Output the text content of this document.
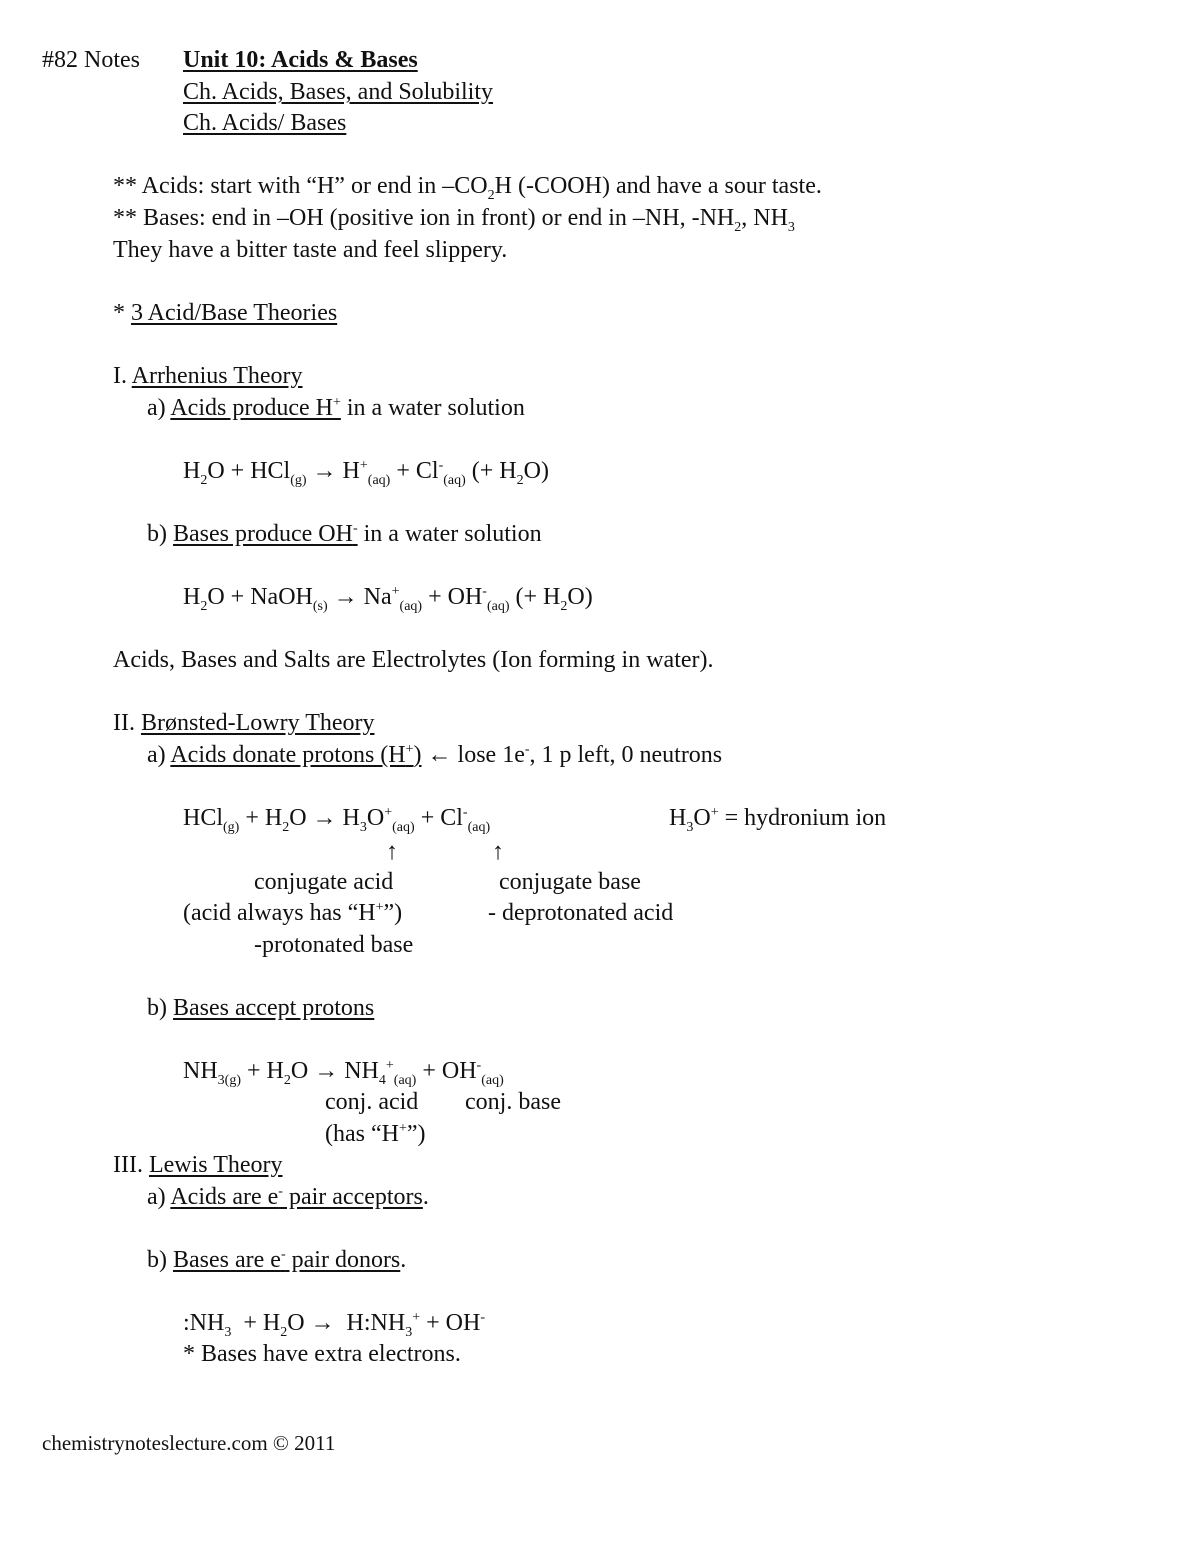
#82 Notes Unit 10: Acids & Bases
Ch. Acids, Bases, and Solubility
Ch. Acids/ Bases
** Acids: start with “H” or end in $-CO_2H$ (-COOH) and have a sour taste.
** Bases: end in –OH (positive ion in front) or end in –NH, $-NH_2$, $NH_3$
They have a bitter taste and feel slippery.
* 3 Acid/Base Theories
I. Arrhenius Theory
a) Acids produce H+ in a water solution
$H_2O + HCl_{(g)} \to H^+_{(aq)} + Cl^-_{(aq)}$ (+ $H_2O$)
b) Bases produce OH- in a water solution
$H_2O$ + NaOH$_{(s)}$ → $Na^+_{(aq)} + OH^-_{(aq)}$ (+ $H_2O$)
Acids, Bases and Salts are Electrolytes (Ion forming in water).
II. Brønsted-Lowry Theory
a) Acids donate protons (H+) ← lose 1e-, 1 p left, 0 neutrons
$HCl_{(g)} + H_2O \to H_3O^+_{(aq)} + Cl^-_{(aq)}$	$H_3O^+$ = hydronium ion
↑	↑
conjugate acid	conjugate base
(acid always has “H+”)	- deprotonated acid
-protonated base
b) Bases accept protons
$NH_{3(g)} + H_2O \to NH_4^+_{(aq)} + OH^-_{(aq)}$
conj. acid conj. base
(has “H+”)
III. Lewis Theory
a) Acids are e- pair acceptors.
b) Bases are e- pair donors.
$:NH_3 + H_2O$ →  $H:NH_3^+ + OH^-$
* Bases have extra electrons.
chemistrynoteslecture.com © 2011
